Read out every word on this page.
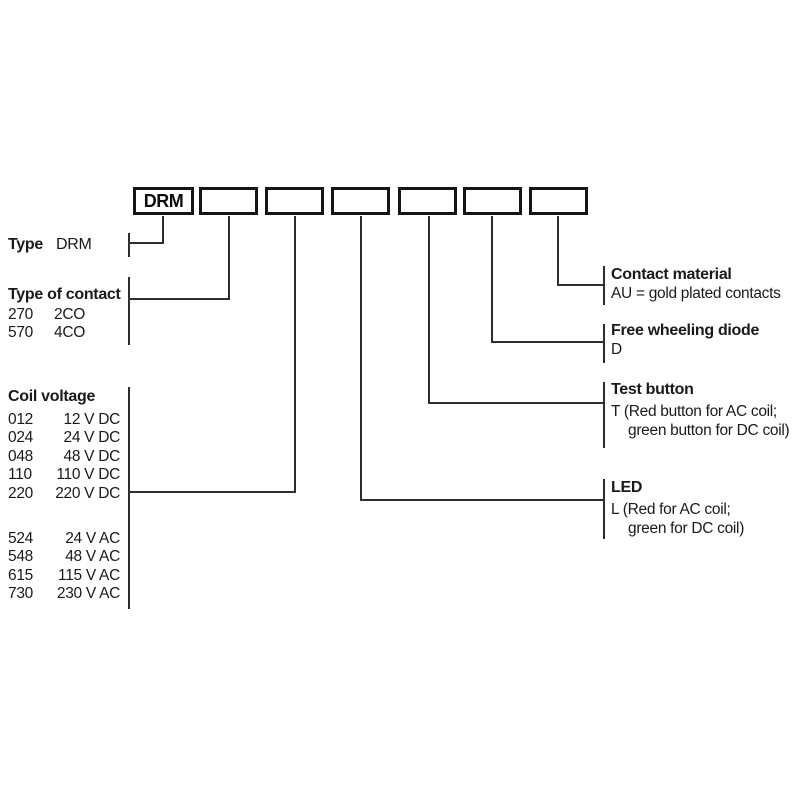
DRM
Type DRM
Type of contact
270	2CO
570	4CO
Coil voltage
012	12 V DC
024	24 V DC
048	48 V DC
110	110 V DC
220	220 V DC
524	24 V AC
548	48 V AC
615	115 V AC
730	230 V AC
Contact material
AU = gold plated contacts
Free wheeling diode
D
Test button
T (Red button for AC coil;
green button for DC coil)
LED
L (Red for AC coil;
green for DC coil)
